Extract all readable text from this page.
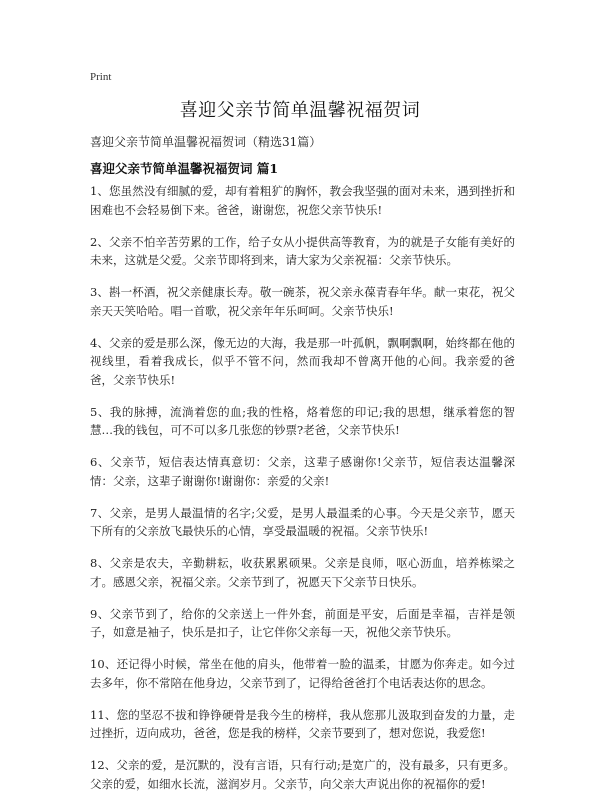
Print
喜迎父亲节简单温馨祝福贺词
喜迎父亲节简单温馨祝福贺词（精选31篇）
喜迎父亲节简单温馨祝福贺词 篇1

1、您虽然没有细腻的爱，却有着粗犷的胸怀，教会我坚强的面对未来，遇到挫折和困难也不会轻易倒下来。爸爸，谢谢您，祝您父亲节快乐!

2、父亲不怕辛苦劳累的工作，给子女从小提供高等教育，为的就是子女能有美好的未来，这就是父爱。父亲节即将到来，请大家为父亲祝福：父亲节快乐。

3、斟一杯酒，祝父亲健康长寿。敬一碗茶，祝父亲永葆青春年华。献一束花，祝父亲天天笑哈哈。唱一首歌，祝父亲年年乐呵呵。父亲节快乐!

4、父亲的爱是那么深，像无边的大海，我是那一叶孤帆，飘啊飘啊，始终都在他的视线里，看着我成长，似乎不管不问，然而我却不曾离开他的心间。我亲爱的爸爸，父亲节快乐!

5、我的脉搏，流淌着您的血;我的性格，烙着您的印记;我的思想，继承着您的智慧…我的钱包，可不可以多几张您的钞票?老爸，父亲节快乐!

6、父亲节，短信表达情真意切：父亲，这辈子感谢你!父亲节，短信表达温馨深情：父亲，这辈子谢谢你!谢谢你：亲爱的父亲!

7、父亲，是男人最温情的名字;父爱，是男人最温柔的心事。今天是父亲节，愿天下所有的父亲放飞最快乐的心情，享受最温暖的祝福。父亲节快乐!

8、父亲是农夫，辛勤耕耘，收获累累硕果。父亲是良师，呕心沥血，培养栋梁之才。感恩父亲，祝福父亲。父亲节到了，祝愿天下父亲节日快乐。

9、父亲节到了，给你的父亲送上一件外套，前面是平安，后面是幸福，吉祥是领子，如意是袖子，快乐是扣子，让它伴你父亲每一天，祝他父亲节快乐。

10、还记得小时候，常坐在他的肩头，他带着一脸的温柔，甘愿为你奔走。如今过去多年，你不常陪在他身边，父亲节到了，记得给爸爸打个电话表达你的思念。

11、您的坚忍不拔和铮铮硬骨是我今生的榜样，我从您那儿汲取到奋发的力量，走过挫折，迈向成功，爸爸，您是我的榜样，父亲节要到了，想对您说，我爱您!

12、父亲的爱，是沉默的，没有言语，只有行动;是宽广的，没有最多，只有更多。父亲的爱，如细水长流，滋润岁月。父亲节，向父亲大声说出你的祝福你的爱!
